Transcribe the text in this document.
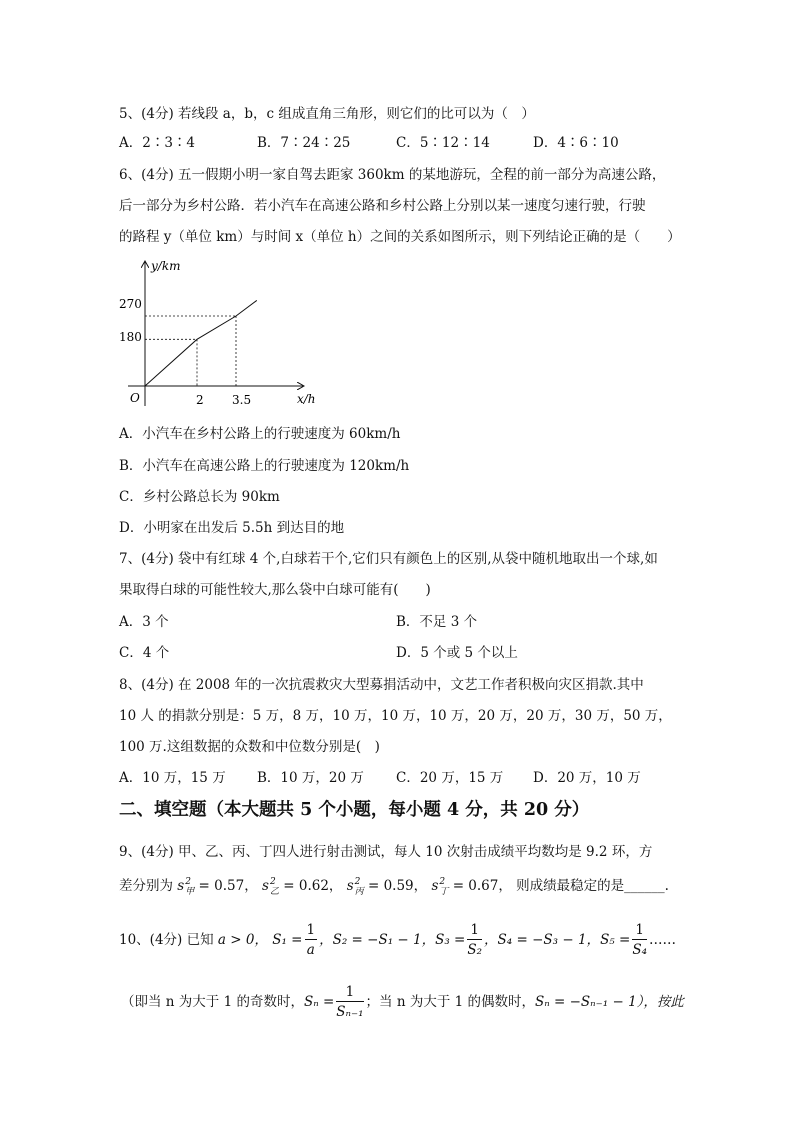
5、(4分) 若线段 a，b，c 组成直角三角形，则它们的比可以为（　）
A．2∶3∶4	B．7∶24∶25	C．5∶12∶14	D．4∶6∶10
6、(4分) 五一假期小明一家自驾去距家 360km 的某地游玩，全程的前一部分为高速公路，
后一部分为乡村公路．若小汽车在高速公路和乡村公路上分别以某一速度匀速行驶，行驶
的路程 y（单位 km）与时间 x（单位 h）之间的关系如图所示，则下列结论正确的是（　　）
y/km
x/h
O
180
270
2 3.5
A．小汽车在乡村公路上的行驶速度为 60km/h
B．小汽车在高速公路上的行驶速度为 120km/h
C．乡村公路总长为 90km
D．小明家在出发后 5.5h 到达目的地
7、(4分) 袋中有红球 4 个,白球若干个,它们只有颜色上的区别,从袋中随机地取出一个球,如
果取得白球的可能性较大,那么袋中白球可能有(　　)
A．3 个	B．不足 3 个
C．4 个	D．5 个或 5 个以上
8、(4分) 在 2008 年的一次抗震救灾大型募捐活动中，文艺工作者积极向灾区捐款.其中
10 人 的捐款分别是：5 万，8 万，10 万，10 万，10 万，20 万，20 万，30 万，50 万，
100 万.这组数据的众数和中位数分别是(　)
A．10 万，15 万 B．10 万，20 万 C．20 万，15 万 D．20 万，10 万
二、填空题（本大题共 5 个小题，每小题 4 分，共 20 分）
9、(4分) 甲、乙、丙、丁四人进行射击测试，每人 10 次射击成绩平均数均是 9.2 环，方
差分别为 s 2
甲 = 0.57， s 2
乙 = 0.62， s 2
丙 = 0.59， s 2
丁 = 0.67， 则成绩最稳定的是______.
10、(4分) 已知 a > 0， $S_1 = \frac{1}{a}$ ，S₂ = −S₁ − 1，$S_3 = \frac{1}{\text{S₂}}$ ，S₄ = −S₃ − 1，$S_5 = \frac{1}{\text{S₄}}$ ……
（即当 n 为大于 1 的奇数时，$S_n = \frac{1}{\text{Sₙ₋₁}}$ ；当 n 为大于 1 的偶数时，Sₙ = −Sₙ₋₁ − 1），按此
